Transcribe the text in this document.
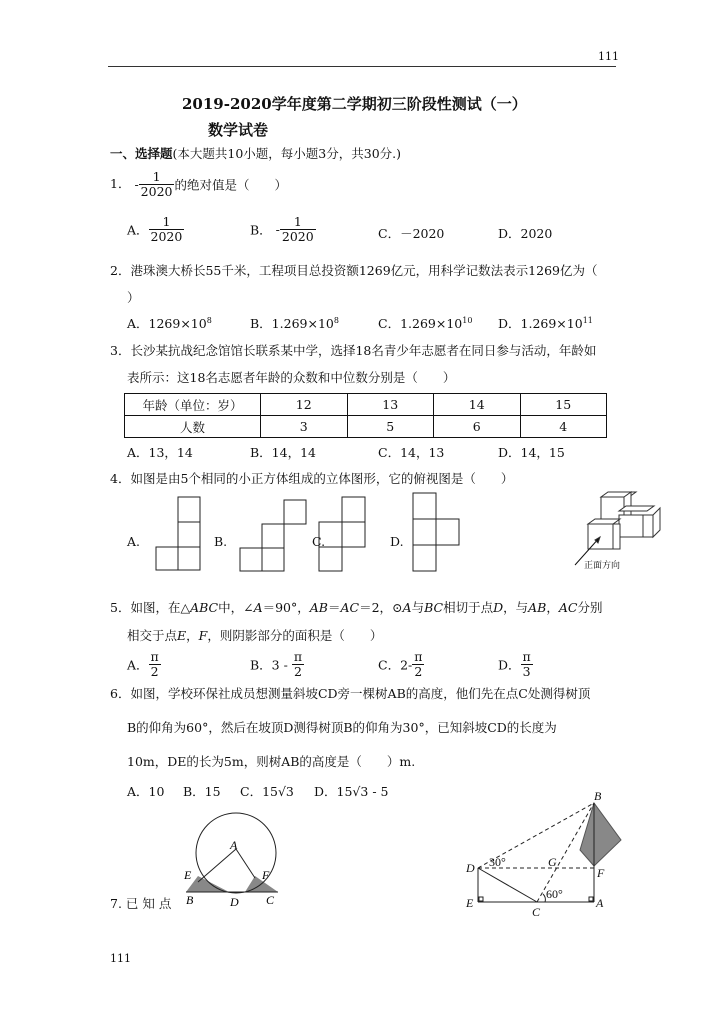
111
2019-2020学年度第二学期初三阶段性测试（一）
数学试卷
一、选择题(本大题共10小题，每小题3分，共30分.)
1． - $\frac{1}{2020}$ 的绝对值是（　　）
A． $\frac{1}{2020}$	B． - $\frac{1}{2020}$	C．－2020	D．2020
2．港珠澳大桥长55千米，工程项目总投资额1269亿元，用科学记数法表示1269亿为（
）
A．$1269\times 10^8$	B．$1.269\times 10^8$	C．$1.269\times 10^{10}$ D．$1.269\times 10^{11}$
3．长沙某抗战纪念馆馆长联系某中学，选择18名青少年志愿者在同日参与活动，年龄如
表所示：这18名志愿者年龄的众数和中位数分别是（　　）
年龄（单位：岁）	12	13	14	15
人数	3	5	6	4
A．13，14	B．14，14	C．14，13	D．14，15
4．如图是由5个相同的小正方体组成的立体图形，它的俯视图是（　　）
A.	B.	C.	D.
A
E	F
B	D C
B
D 30°	G
F
E
C
A
60°
正面方向
5．如图，在△ABC中，∠A＝90°，AB＝AC＝2，⊙A与BC相切于点D，与AB，AC分别
相交于点E，F，则阴影部分的面积是（　　）
A． $\frac{\pi}{2}$	B．$3 - \frac{\pi}{2}$	C．$2- \frac{\pi}{2}$	D． $\frac{\pi}{3}$
6．如图，学校环保社成员想测量斜坡CD旁一棵树AB的高度，他们先在点C处测得树顶
B的仰角为60°，然后在坡顶D测得树顶B的仰角为30°，已知斜坡CD的长度为
10m，DE的长为5m，则树AB的高度是（　　）m.
A．10 B．15 C．15√3 D．15√3 - 5
7. 已 知 点
111
